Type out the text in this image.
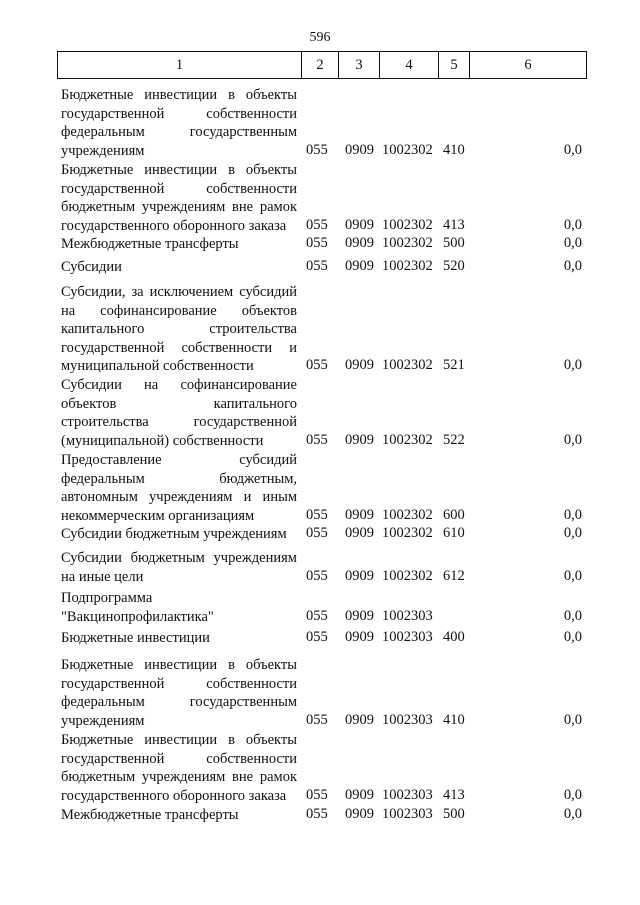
596
1	2	3	4	5	6
Бюджетные инвестиции в объекты
государственной собственности
федеральным государственным
учреждениям	055 0909 1002302 410	0,0
Бюджетные инвестиции в объекты
государственной собственности
бюджетным учреждениям вне рамок
государственного оборонного заказа	055 0909 1002302 413	0,0
Межбюджетные трансферты	055 0909 1002302 500	0,0
Субсидии	055 0909 1002302 520	0,0
Субсидии, за исключением субсидий
на софинансирование объектов
капитального строительства
государственной собственности и
муниципальной собственности	055 0909 1002302 521	0,0
Субсидии на софинансирование
объектов капитального
строительства государственной
(муниципальной) собственности	055 0909 1002302 522	0,0
Предоставление субсидий
федеральным бюджетным,
автономным учреждениям и иным
некоммерческим организациям	055 0909 1002302 600	0,0
Субсидии бюджетным учреждениям	055 0909 1002302 610	0,0
Субсидии бюджетным учреждениям
на иные цели	055 0909 1002302 612	0,0
Подпрограмма
"Вакцинопрофилактика"	055 0909 1002303	0,0
Бюджетные инвестиции	055 0909 1002303 400	0,0
Бюджетные инвестиции в объекты
государственной собственности
федеральным государственным
учреждениям	055 0909 1002303 410	0,0
Бюджетные инвестиции в объекты
государственной собственности
бюджетным учреждениям вне рамок
государственного оборонного заказа	055 0909 1002303 413	0,0
Межбюджетные трансферты	055 0909 1002303 500	0,0
